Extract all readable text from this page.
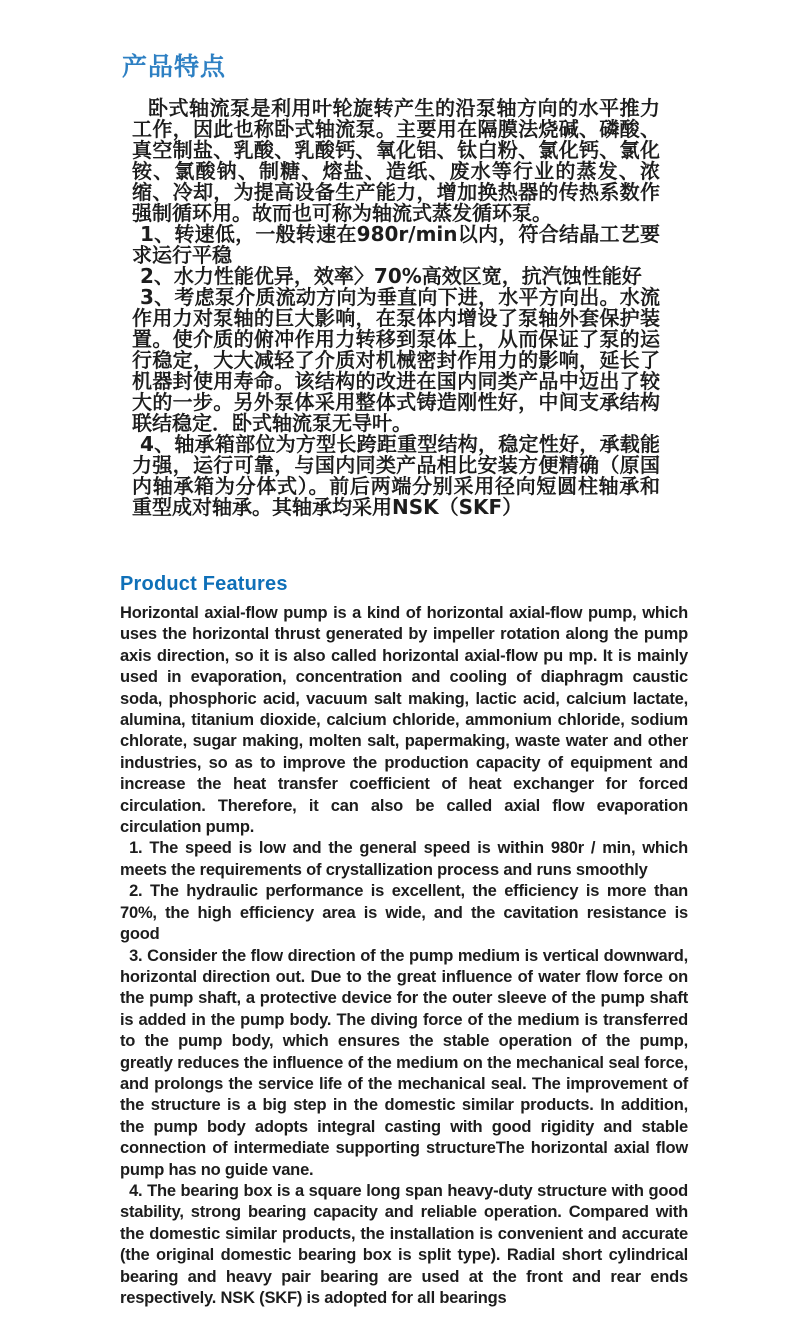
产品特点

卧式轴流泵是利用叶轮旋转产生的沿泵轴方向的水平推力工作，因此也称卧式轴流泵。主要用在隔膜法烧碱、磷酸、真空制盐、乳酸、乳酸钙、氧化铝、钛白粉、氯化钙、氯化铵、氯酸钠、制糖、熔盐、造纸、废水等行业的蒸发、浓缩、冷却，为提高设备生产能力，增加换热器的传热系数作强制循环用。故而也可称为轴流式蒸发循环泵。

1、转速低，一般转速在980r/min以内，符合结晶工艺要求运行平稳

2、水力性能优异，效率〉70%高效区宽，抗汽蚀性能好

3、考虑泵介质流动方向为垂直向下进，水平方向出。水流作用力对泵轴的巨大影响，在泵体内增设了泵轴外套保护装置。使介质的俯冲作用力转移到泵体上，从而保证了泵的运行稳定，大大减轻了介质对机械密封作用力的影响，延长了机器封使用寿命。该结构的改进在国内同类产品中迈出了较大的一步。另外泵体采用整体式铸造刚性好，中间支承结构联结稳定．卧式轴流泵无导叶。

4、轴承箱部位为方型长跨距重型结构，稳定性好，承载能力强，运行可靠，与国内同类产品相比安装方便精确（原国内轴承箱为分体式）。前后两端分别采用径向短圆柱轴承和重型成对轴承。其轴承均采用NSK（SKF）

Product Features

Horizontal axial-flow pump is a kind of horizontal axial-flow pump, which uses the horizontal thrust generated by impeller rotation along the pump axis direction, so it is also called horizontal axial-flow pu mp. It is mainly used in evaporation, concentration and cooling of diaphragm caustic soda, phosphoric acid, vacuum salt making, lactic acid, calcium lactate, alumina, titanium dioxide, calcium chloride, ammonium chloride, sodium chlorate, sugar making, molten salt, papermaking, waste water and other industries, so as to improve the production capacity of equipment and increase the heat transfer coefficient of heat exchanger for forced circulation. Therefore, it can also be called axial flow evaporation circulation pump.

1. The speed is low and the general speed is within 980r / min, which meets the requirements of crystallization process and runs smoothly

2. The hydraulic performance is excellent, the efficiency is more than 70%, the high efficiency area is wide, and the cavitation resistance is good

3. Consider the flow direction of the pump medium is vertical downward, horizontal direction out. Due to the great influence of water flow force on the pump shaft, a protective device for the outer sleeve of the pump shaft is added in the pump body. The diving force of the medium is transferred to the pump body, which ensures the stable operation of the pump, greatly reduces the influence of the medium on the mechanical seal force, and prolongs the service life of the mechanical seal. The improvement of the structure is a big step in the domestic similar products. In addition, the pump body adopts integral casting with good rigidity and stable connection of intermediate supporting structureThe horizontal axial flow pump has no guide vane.

4. The bearing box is a square long span heavy-duty structure with good stability, strong bearing capacity and reliable operation. Compared with the domestic similar products, the installation is convenient and accurate (the original domestic bearing box is split type). Radial short cylindrical bearing and heavy pair bearing are used at the front and rear ends respectively. NSK (SKF) is adopted for all bearings
